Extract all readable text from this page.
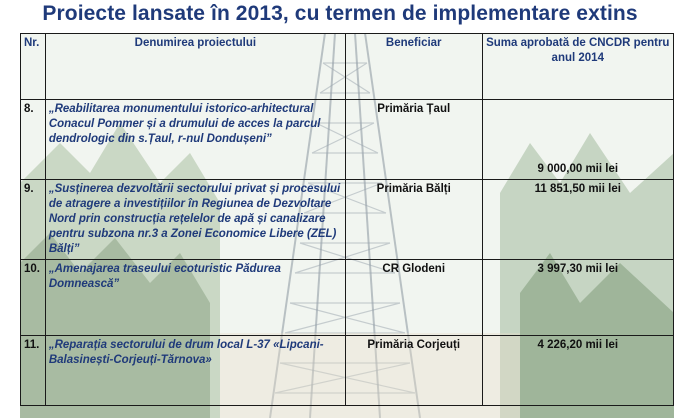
Proiecte lansate în 2013, cu termen de implementare extins
Nr.	Denumirea proiectului	Beneficiar	Suma aprobată de CNCDR pentru anul 2014
8.	„Reabilitarea monumentului istorico-arhitectural Conacul Pommer și a drumului de acces la parcul dendrologic din s.Țaul, r-nul Dondușeni”	Primăria Țaul	9 000,00 mii lei
9.	„Susținerea dezvoltării sectorului privat și procesului de atragere a investițiilor în Regiunea de Dezvoltare Nord prin construcția rețelelor de apă și canalizare pentru subzona nr.3 a Zonei Economice Libere (ZEL) Bălți”	Primăria Bălți	11 851,50 mii lei
10.	„Amenajarea traseului ecoturistic Pădurea Domnească”	CR Glodeni	3 997,30 mii lei
11.	„Reparația sectorului de drum local L-37 «Lipcani-Balasinești-Corjeuți-Tărnova»	Primăria Corjeuți	4 226,20 mii lei
